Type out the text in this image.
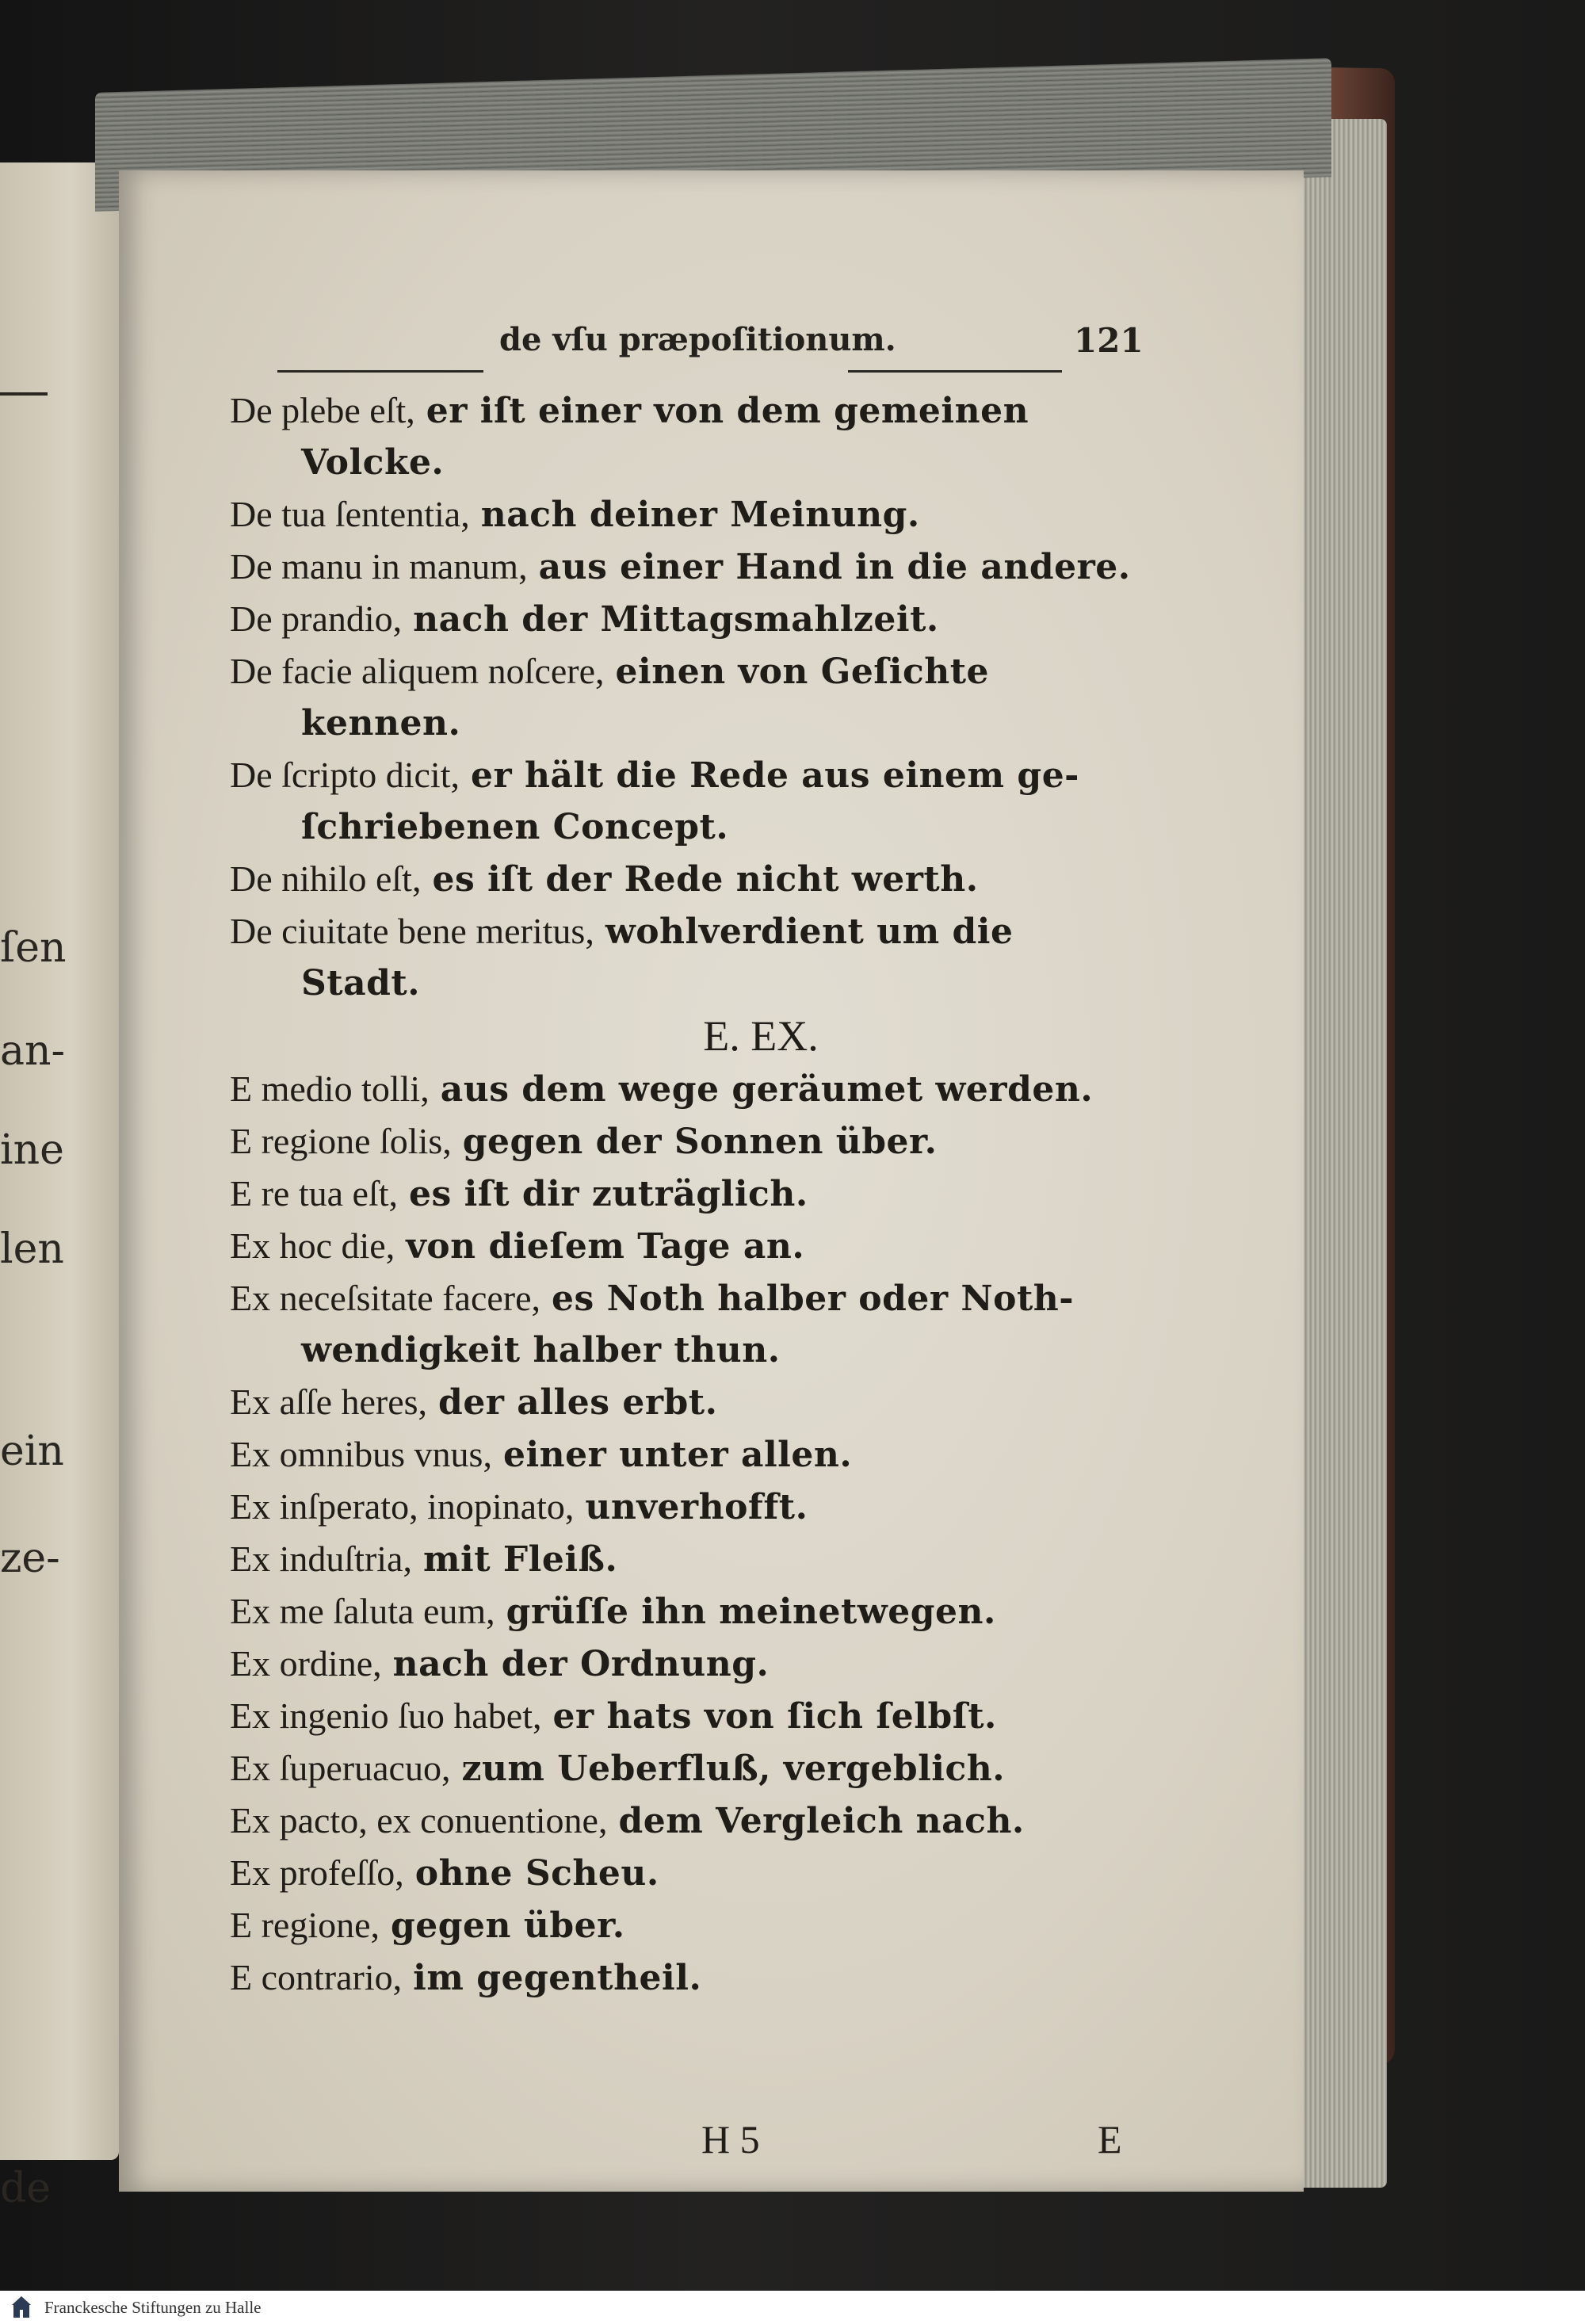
ſen
an-
ine
len
ein
ze-
de
de vſu præpoſitionum.	121

De plebe eſt, er iſt einer von dem gemeinen
Volcke.

De tua ſententia, nach deiner Meinung.

De manu in manum, aus einer Hand in die andere.

De prandio, nach der Mittagsmahlzeit.

De facie aliquem noſcere, einen von Geſichte
kennen.

De ſcripto dicit, er hält die Rede aus einem ge-
ſchriebenen Concept.

De nihilo eſt, es iſt der Rede nicht werth.

De ciuitate bene meritus, wohlverdient um die
Stadt.

E. EX.

E medio tolli, aus dem wege geräumet werden.

E regione ſolis, gegen der Sonnen über.

E re tua eſt, es iſt dir zuträglich.

Ex hoc die, von dieſem Tage an.

Ex neceſsitate facere, es Noth halber oder Noth-
wendigkeit halber thun.

Ex aſſe heres, der alles erbt.

Ex omnibus vnus, einer unter allen.

Ex inſperato, inopinato, unverhofft.

Ex induſtria, mit Fleiß.

Ex me ſaluta eum, grüſſe ihn meinetwegen.

Ex ordine, nach der Ordnung.

Ex ingenio ſuo habet, er hats von ſich ſelbſt.

Ex ſuperuacuo, zum Ueberfluß, vergeblich.

Ex pacto, ex conuentione, dem Vergleich nach.

Ex profeſſo, ohne Scheu.

E regione, gegen über.

E contrario, im gegentheil.

H 5	E
Franckesche Stiftungen zu Halle
